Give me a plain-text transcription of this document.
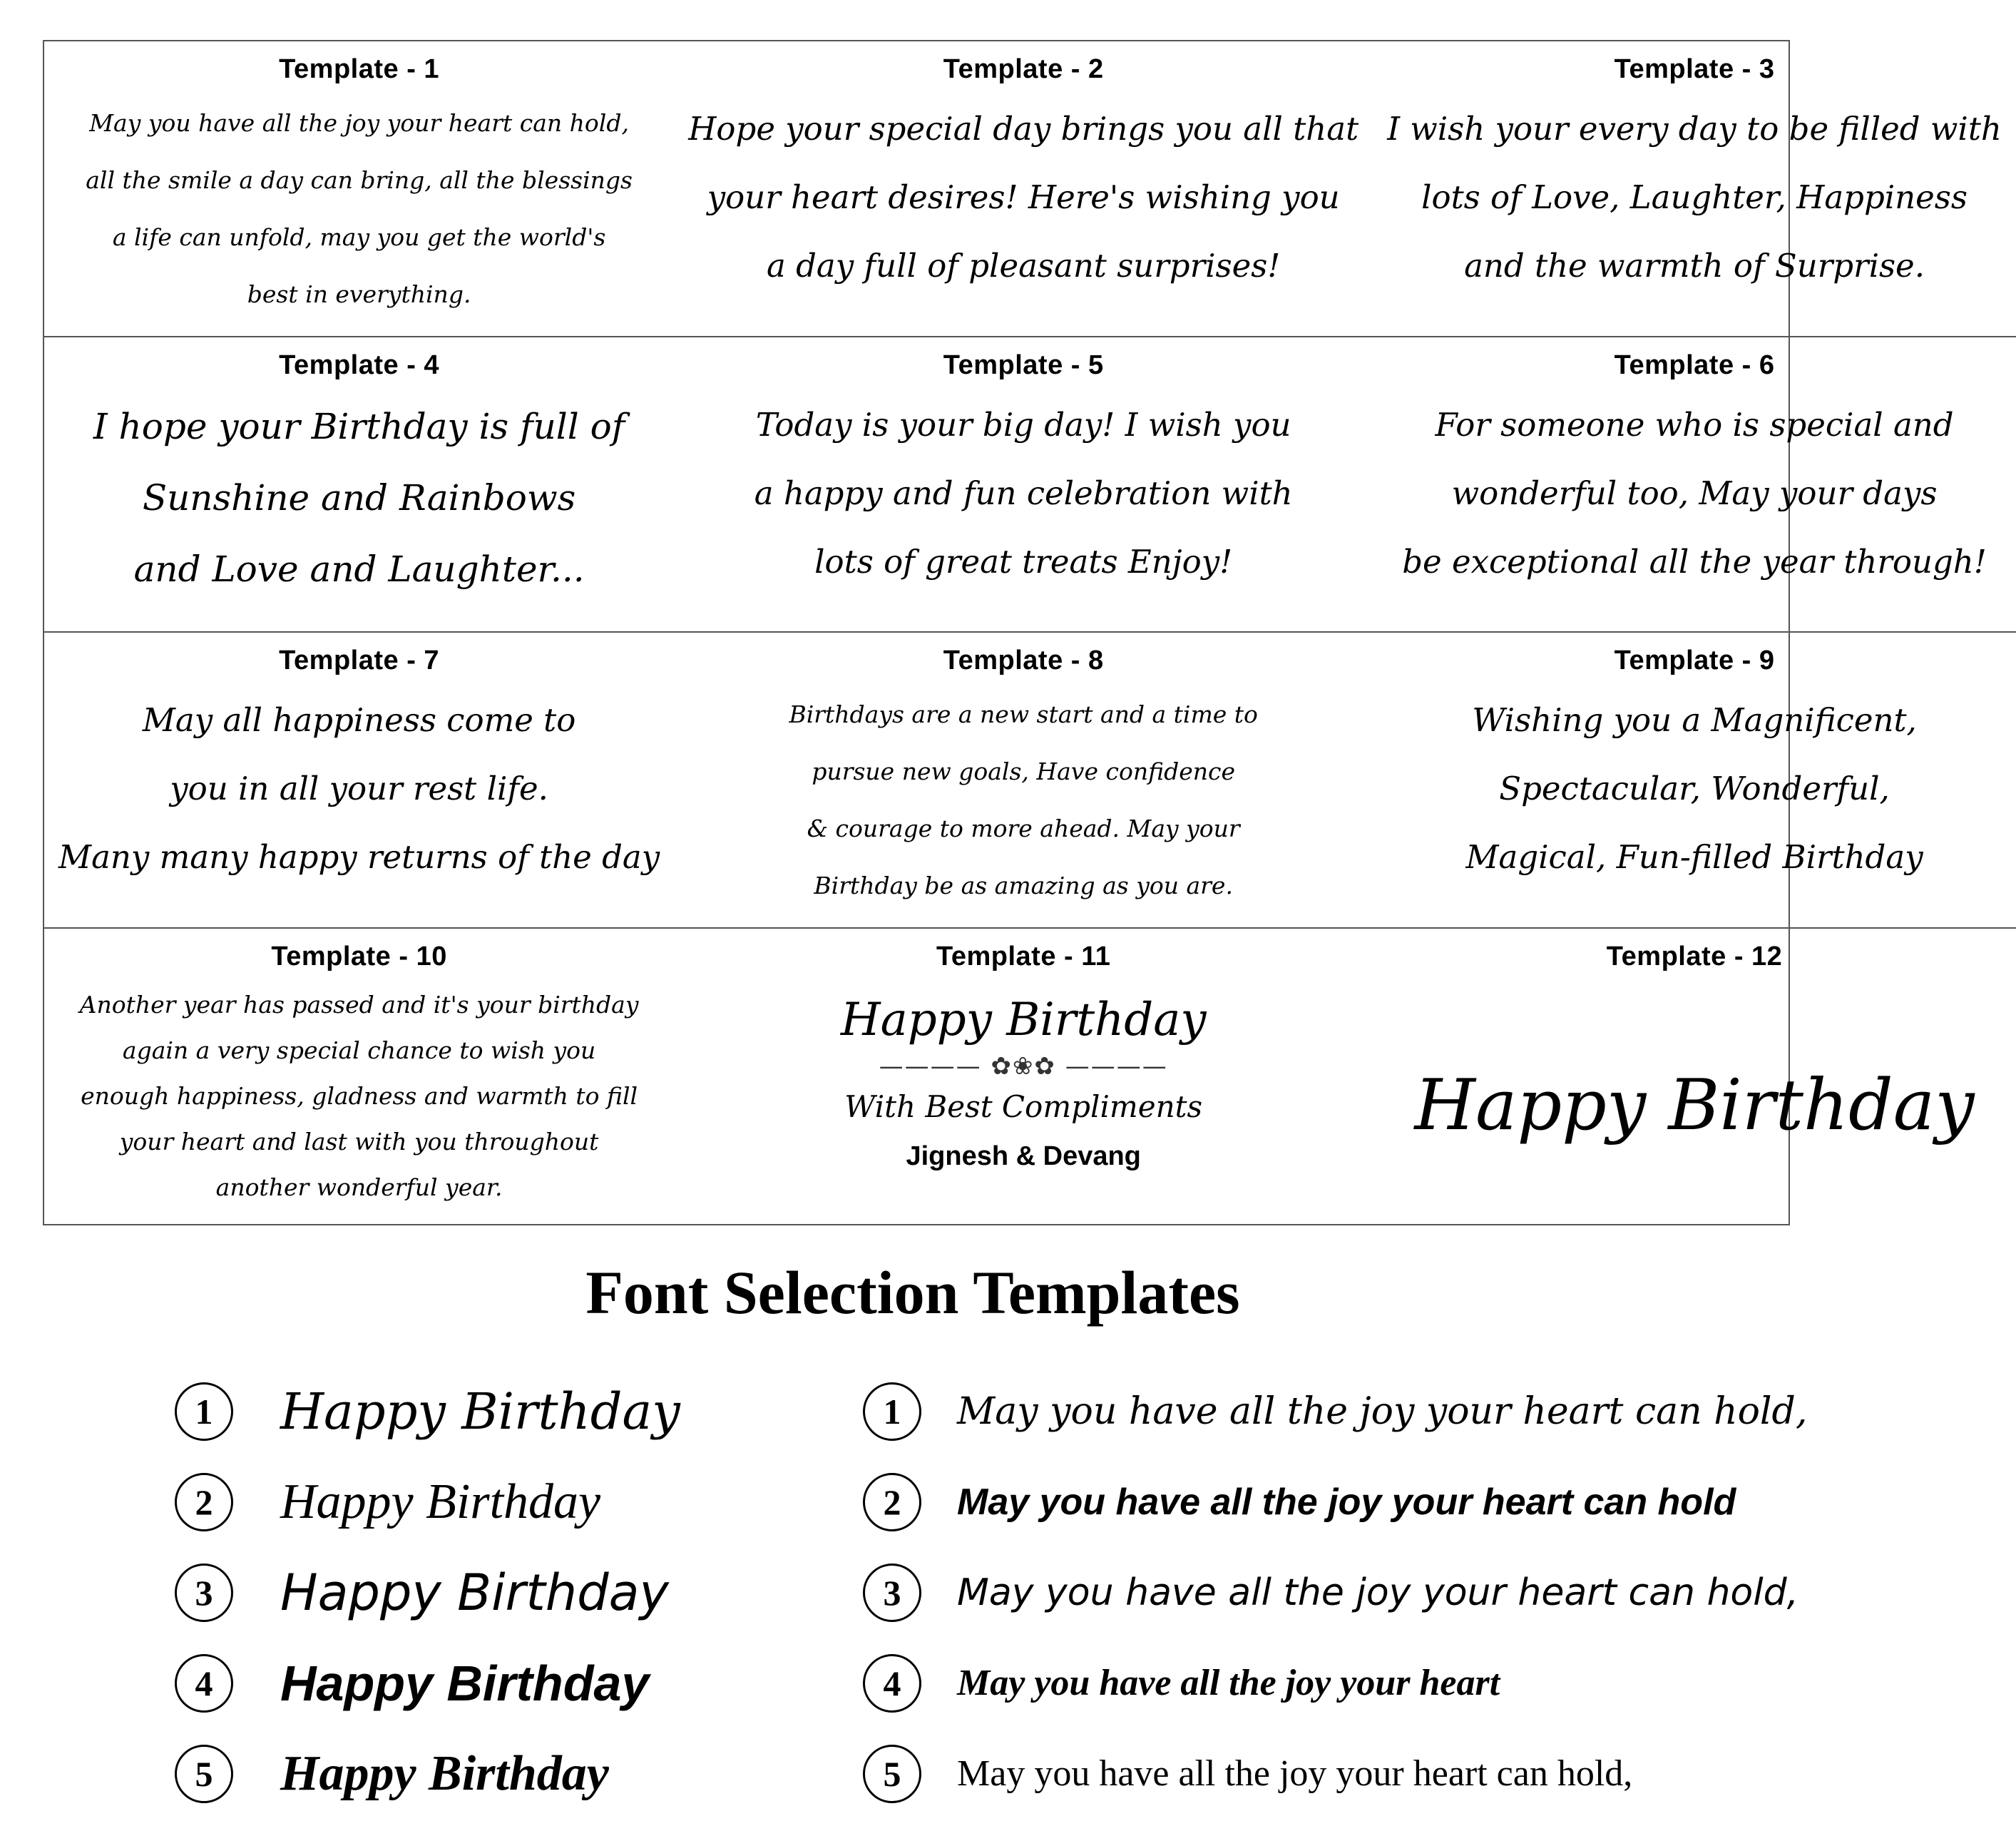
Template - 1
May you have all the joy your heart can hold,
all the smile a day can bring, all the blessings
a life can unfold, may you get the world's
best in everything.
Template - 2
Hope your special day brings you all that
your heart desires! Here's wishing you
a day full of pleasant surprises!
Template - 3
I wish your every day to be filled with
lots of Love, Laughter, Happiness
and the warmth of Surprise.
Template - 4
I hope your Birthday is full of
Sunshine and Rainbows
and Love and Laughter...
Template - 5
Today is your big day! I wish you
a happy and fun celebration with
lots of great treats Enjoy!
Template - 6
For someone who is special and
wonderful too, May your days
be exceptional all the year through!
Template - 7
May all happiness come to
you in all your rest life.
Many many happy returns of the day
Template - 8
Birthdays are a new start and a time to
pursue new goals, Have confidence
& courage to more ahead. May your
Birthday be as amazing as you are.
Template - 9
Wishing you a Magnificent,
Spectacular, Wonderful,
Magical, Fun-filled Birthday
Template - 10
Another year has passed and it's your birthday
again a very special chance to wish you
enough happiness, gladness and warmth to fill
your heart and last with you throughout
another wonderful year.
Template - 11
Happy Birthday
———— ✿❀✿ ————
With Best Compliments
Jignesh & Devang
Template - 12
Happy Birthday
Font Selection Templates
1	Happy Birthday
2	Happy Birthday
3	Happy Birthday
4	Happy Birthday
5	Happy Birthday
1	May you have all the joy your heart can hold,
2	May you have all the joy your heart can hold
3	May you have all the joy your heart can hold,
4	May you have all the joy your heart
5	May you have all the joy your heart can hold,
